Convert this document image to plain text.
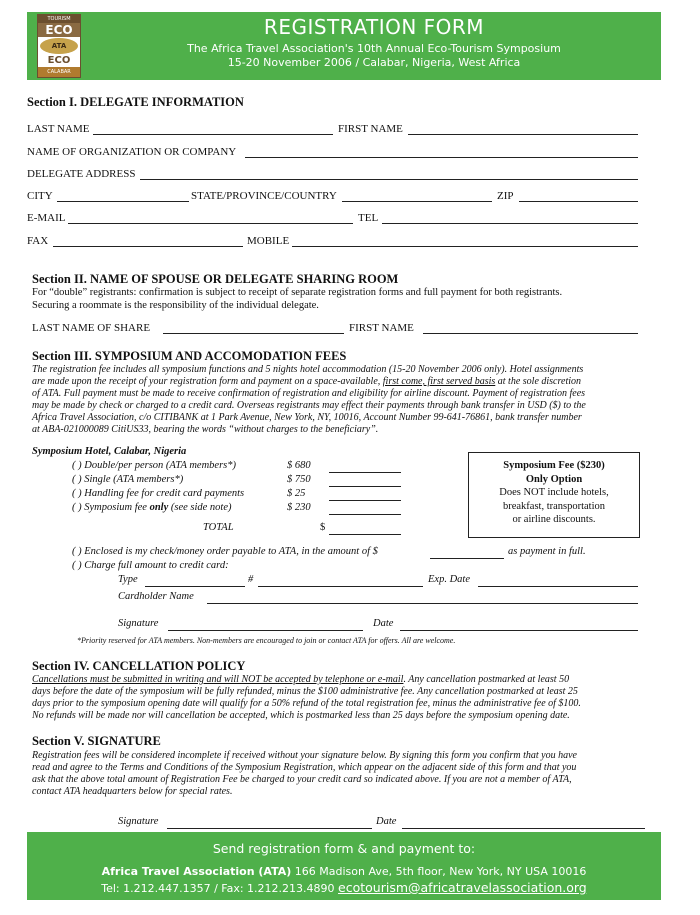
TOURISM
ECO
ATA
ECO
CALABAR
REGISTRATION FORM
The Africa Travel Association's 10th Annual Eco-Tourism Symposium
15-20 November 2006 / Calabar, Nigeria, West Africa
Section I. DELEGATE INFORMATION
LAST NAME	FIRST NAME
NAME OF ORGANIZATION OR COMPANY
DELEGATE ADDRESS
CITY	STATE/PROVINCE/COUNTRY	ZIP
E-MAIL	TEL
FAX	MOBILE
Section II. NAME OF SPOUSE OR DELEGATE SHARING ROOM
For “double” registrants: confirmation is subject to receipt of separate registration forms and full payment for both registrants.
Securing a roommate is the responsibility of the individual delegate.
LAST NAME OF SHARE	FIRST NAME
Section III. SYMPOSIUM AND ACCOMODATION FEES
The registration fee includes all symposium functions and 5 nights hotel accommodation (15-20 November 2006 only). Hotel assignments
are made upon the receipt of your registration form and payment on a space-available, first come, first served basis at the sole discretion
of ATA. Full payment must be made to receive confirmation of registration and eligibility for airline discount. Payment of registration fees
may be made by check or charged to a credit card. Overseas registrants may effect their payments through bank transfer in USD ($) to the
Africa Travel Association, c/o CITIBANK at 1 Park Avenue, New York, NY, 10016, Account Number 99-641-76861, bank transfer number
at ABA-021000089 CitiUS33, bearing the words “without charges to the beneficiary”.
Symposium Hotel, Calabar, Nigeria
( ) Double/per person (ATA members*)	$ 680
( ) Single (ATA members*)	$ 750
( ) Handling fee for credit card payments	$ 25
( ) Symposium fee only (see side note)	$ 230
TOTAL	$
Symposium Fee ($230)
Only Option
Does NOT include hotels,
breakfast, transportation
or airline discounts.
( ) Enclosed is my check/money order payable to ATA, in the amount of $	as payment in full.
( ) Charge full amount to credit card:
Type	#	Exp. Date
Cardholder Name
Signature	Date
*Priority reserved for ATA members. Non-members are encouraged to join or contact ATA for offers. All are welcome.
Section IV. CANCELLATION POLICY
Cancellations must be submitted in writing and will NOT be accepted by telephone or e-mail. Any cancellation postmarked at least 50
days before the date of the symposium will be fully refunded, minus the $100 administrative fee. Any cancellation postmarked at least 25
days prior to the symposium opening date will qualify for a 50% refund of the total registration fee, minus the administrative fee of $100.
No refunds will be made nor will cancellation be accepted, which is postmarked less than 25 days before the symposium opening date.
Section V. SIGNATURE
Registration fees will be considered incomplete if received without your signature below. By signing this form you confirm that you have
read and agree to the Terms and Conditions of the Symposium Registration, which appear on the adjacent side of this form and that you
ask that the above total amount of Registration Fee be charged to your credit card so indicated above. If you are not a member of ATA,
contact ATA headquarters below for special rates.
Signature	Date
Send registration form & and payment to:
Africa Travel Association (ATA) 166 Madison Ave, 5th floor, New York, NY USA 10016
Tel: 1.212.447.1357 / Fax: 1.212.213.4890 ecotourism@africatravelassociation.org
